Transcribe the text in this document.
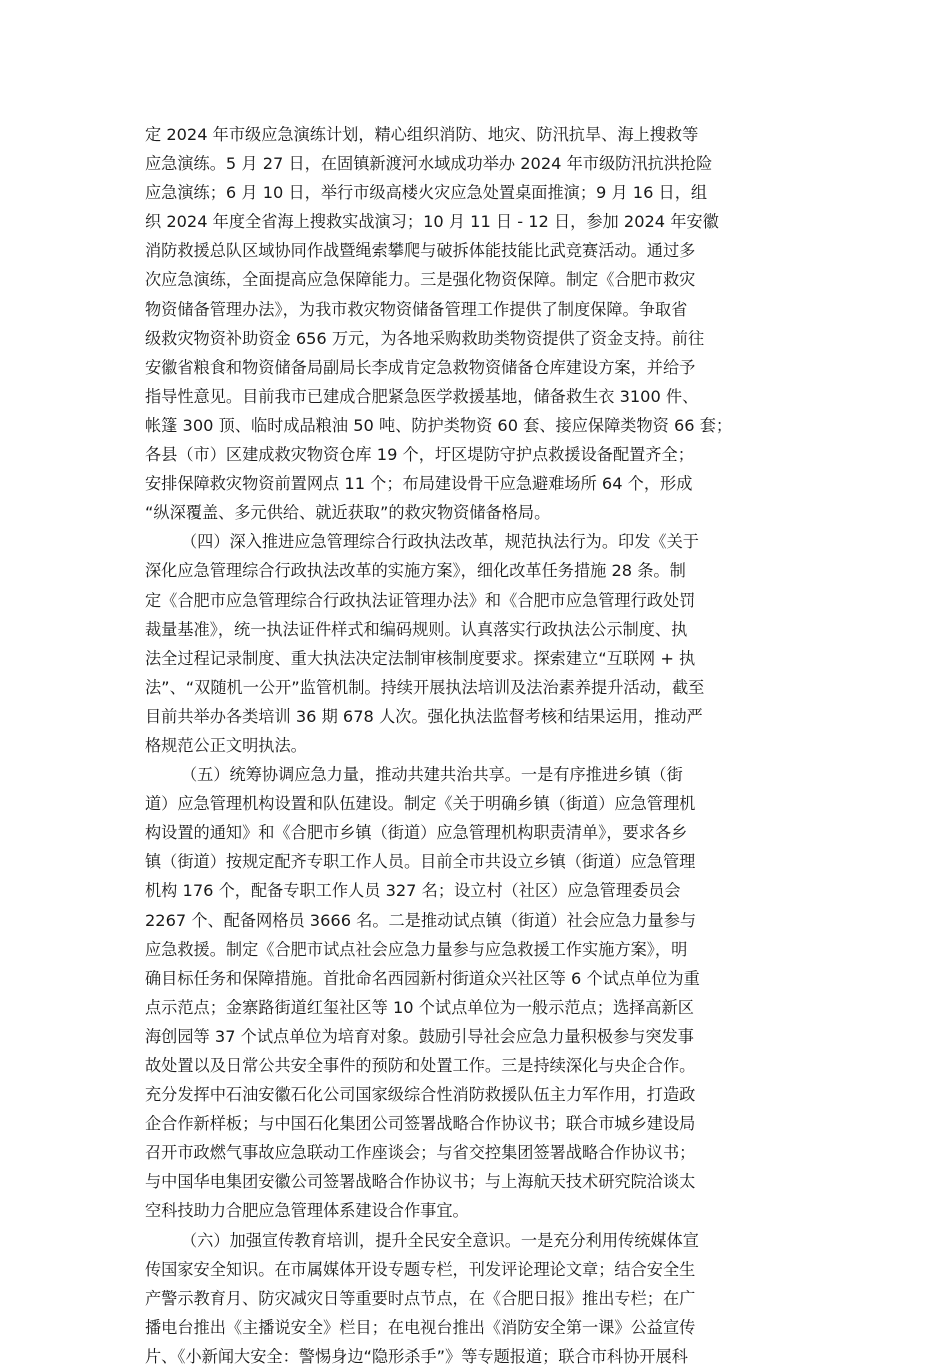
定 2024 年市级应急演练计划，精心组织消防、地灾、防汛抗旱、海上搜救等
应急演练。5 月 27 日，在固镇新渡河水域成功举办 2024 年市级防汛抗洪抢险
应急演练；6 月 10 日，举行市级高楼火灾应急处置桌面推演；9 月 16 日，组
织 2024 年度全省海上搜救实战演习；10 月 11 日 - 12 日，参加 2024 年安徽
消防救援总队区域协同作战暨绳索攀爬与破拆体能技能比武竞赛活动。通过多
次应急演练，全面提高应急保障能力。三是强化物资保障。制定《合肥市救灾
物资储备管理办法》，为我市救灾物资储备管理工作提供了制度保障。争取省
级救灾物资补助资金 656 万元，为各地采购救助类物资提供了资金支持。前往
安徽省粮食和物资储备局副局长李成肯定急救物资储备仓库建设方案，并给予
指导性意见。目前我市已建成合肥紧急医学救援基地，储备救生衣 3100 件、
帐篷 300 顶、临时成品粮油 50 吨、防护类物资 60 套、接应保障类物资 66 套；
各县（市）区建成救灾物资仓库 19 个，圩区堤防守护点救援设备配置齐全；
安排保障救灾物资前置网点 11 个；布局建设骨干应急避难场所 64 个，形成
“纵深覆盖、多元供给、就近获取”的救灾物资储备格局。
（四）深入推进应急管理综合行政执法改革，规范执法行为。印发《关于
深化应急管理综合行政执法改革的实施方案》，细化改革任务措施 28 条。制
定《合肥市应急管理综合行政执法证管理办法》和《合肥市应急管理行政处罚
裁量基准》，统一执法证件样式和编码规则。认真落实行政执法公示制度、执
法全过程记录制度、重大执法决定法制审核制度要求。探索建立“互联网 + 执
法”、“双随机一公开”监管机制。持续开展执法培训及法治素养提升活动，截至
目前共举办各类培训 36 期 678 人次。强化执法监督考核和结果运用，推动严
格规范公正文明执法。
（五）统筹协调应急力量，推动共建共治共享。一是有序推进乡镇（街
道）应急管理机构设置和队伍建设。制定《关于明确乡镇（街道）应急管理机
构设置的通知》和《合肥市乡镇（街道）应急管理机构职责清单》，要求各乡
镇（街道）按规定配齐专职工作人员。目前全市共设立乡镇（街道）应急管理
机构 176 个，配备专职工作人员 327 名；设立村（社区）应急管理委员会
2267 个、配备网格员 3666 名。二是推动试点镇（街道）社会应急力量参与
应急救援。制定《合肥市试点社会应急力量参与应急救援工作实施方案》，明
确目标任务和保障措施。首批命名西园新村街道众兴社区等 6 个试点单位为重
点示范点；金寨路街道红玺社区等 10 个试点单位为一般示范点；选择高新区
海创园等 37 个试点单位为培育对象。鼓励引导社会应急力量积极参与突发事
故处置以及日常公共安全事件的预防和处置工作。三是持续深化与央企合作。
充分发挥中石油安徽石化公司国家级综合性消防救援队伍主力军作用，打造政
企合作新样板；与中国石化集团公司签署战略合作协议书；联合市城乡建设局
召开市政燃气事故应急联动工作座谈会；与省交控集团签署战略合作协议书；
与中国华电集团安徽公司签署战略合作协议书；与上海航天技术研究院洽谈太
空科技助力合肥应急管理体系建设合作事宜。
（六）加强宣传教育培训，提升全民安全意识。一是充分利用传统媒体宣
传国家安全知识。在市属媒体开设专题专栏，刊发评论理论文章；结合安全生
产警示教育月、防灾减灾日等重要时点节点，在《合肥日报》推出专栏；在广
播电台推出《主播说安全》栏目；在电视台推出《消防安全第一课》公益宣传
片、《小新闻大安全：警惕身边“隐形杀手”》等专题报道；联合市科协开展科
